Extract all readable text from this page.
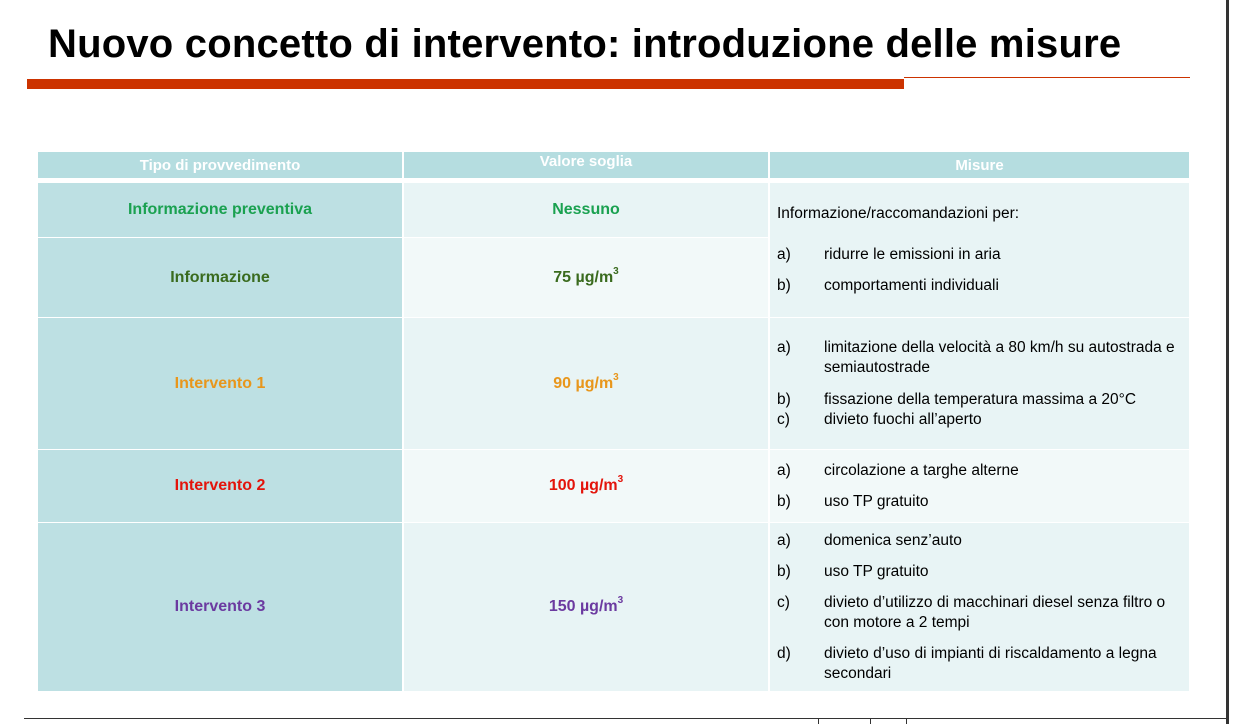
Nuovo concetto di intervento: introduzione delle misure
Tipo di provvedimento	Valore soglia	Misure
Informazione preventiva	Nessuno
Informazione	75 $\mu g/m^3$
Informazione/raccomandazioni per:
a)	ridurre le emissioni in aria
b)	comportamenti individuali
Intervento 1	90 $\mu g/m^3$
a)	limitazione della velocità a 80 km/h su autostrada e semiautostrade
b)	fissazione della temperatura massima a 20°C
c)	divieto fuochi all’aperto
Intervento 2	100 $\mu g/m^3$
a)	circolazione a targhe alterne
b)	uso TP gratuito
Intervento 3	150 $\mu g/m^3$
a)	domenica senz’auto
b)	uso TP gratuito
c)	divieto d’utilizzo di macchinari diesel senza filtro o con motore a 2 tempi
d)	divieto d’uso di impianti di riscaldamento a legna secondari
